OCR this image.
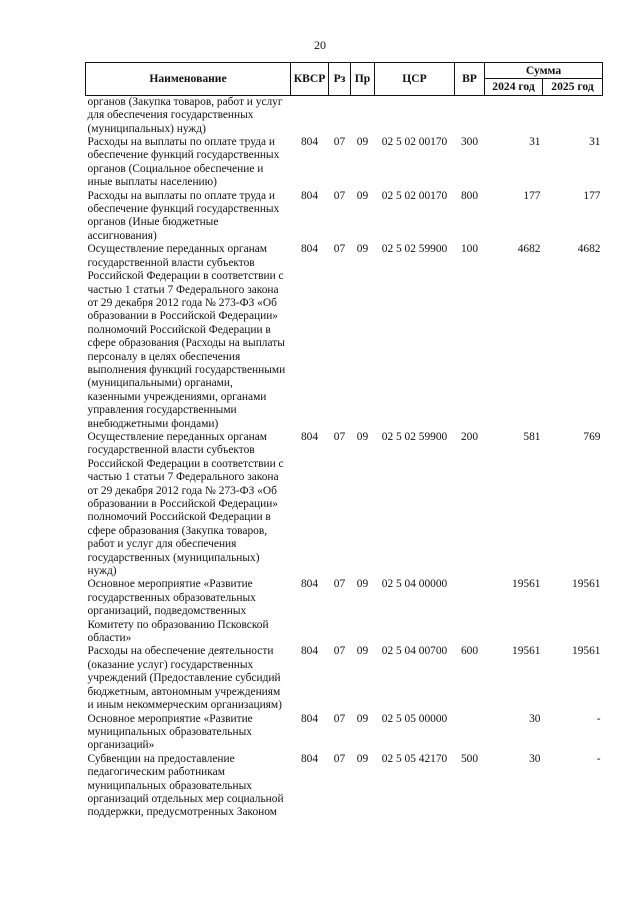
20
Наименование	КВСР	Рз	Пр	ЦСР	ВР	Сумма	
						2024 год	2025 год
органов (Закупка товаров, работ и услуг для обеспечения государственных (муниципальных) нужд)							
Расходы на выплаты по оплате труда и обеспечение функций государственных органов (Социальное обеспечение и иные выплаты населению)	804	07	09	02 5 02 00170	300	31	31
Расходы на выплаты по оплате труда и обеспечение функций государственных органов (Иные бюджетные ассигнования)	804	07	09	02 5 02 00170	800	177	177
Осуществление переданных органам государственной власти субъектов Российской Федерации в соответствии с частью 1 статьи 7 Федерального закона от 29 декабря 2012 года № 273-ФЗ «Об образовании в Российской Федерации» полномочий Российской Федерации в сфере образования (Расходы на выплаты персоналу в целях обеспечения выполнения функций государственными (муниципальными) органами, казенными учреждениями, органами управления государственными внебюджетными фондами)	804	07	09	02 5 02 59900	100	4682	4682
Осуществление переданных органам государственной власти субъектов Российской Федерации в соответствии с частью 1 статьи 7 Федерального закона от 29 декабря 2012 года № 273-ФЗ «Об образовании в Российской Федерации» полномочий Российской Федерации в сфере образования (Закупка товаров, работ и услуг для обеспечения государственных (муниципальных) нужд)	804	07	09	02 5 02 59900	200	581	769
Основное мероприятие «Развитие государственных образовательных организаций, подведомственных Комитету по образованию Псковской области»	804	07	09	02 5 04 00000		19561	19561
Расходы на обеспечение деятельности (оказание услуг) государственных учреждений (Предоставление субсидий бюджетным, автономным учреждениям и иным некоммерческим организациям)	804	07	09	02 5 04 00700	600	19561	19561
Основное мероприятие «Развитие муниципальных образовательных организаций»	804	07	09	02 5 05 00000		30	-
Субвенции на предоставление педагогическим работникам муниципальных образовательных организаций отдельных мер социальной поддержки, предусмотренных Законом	804	07	09	02 5 05 42170	500	30	-
